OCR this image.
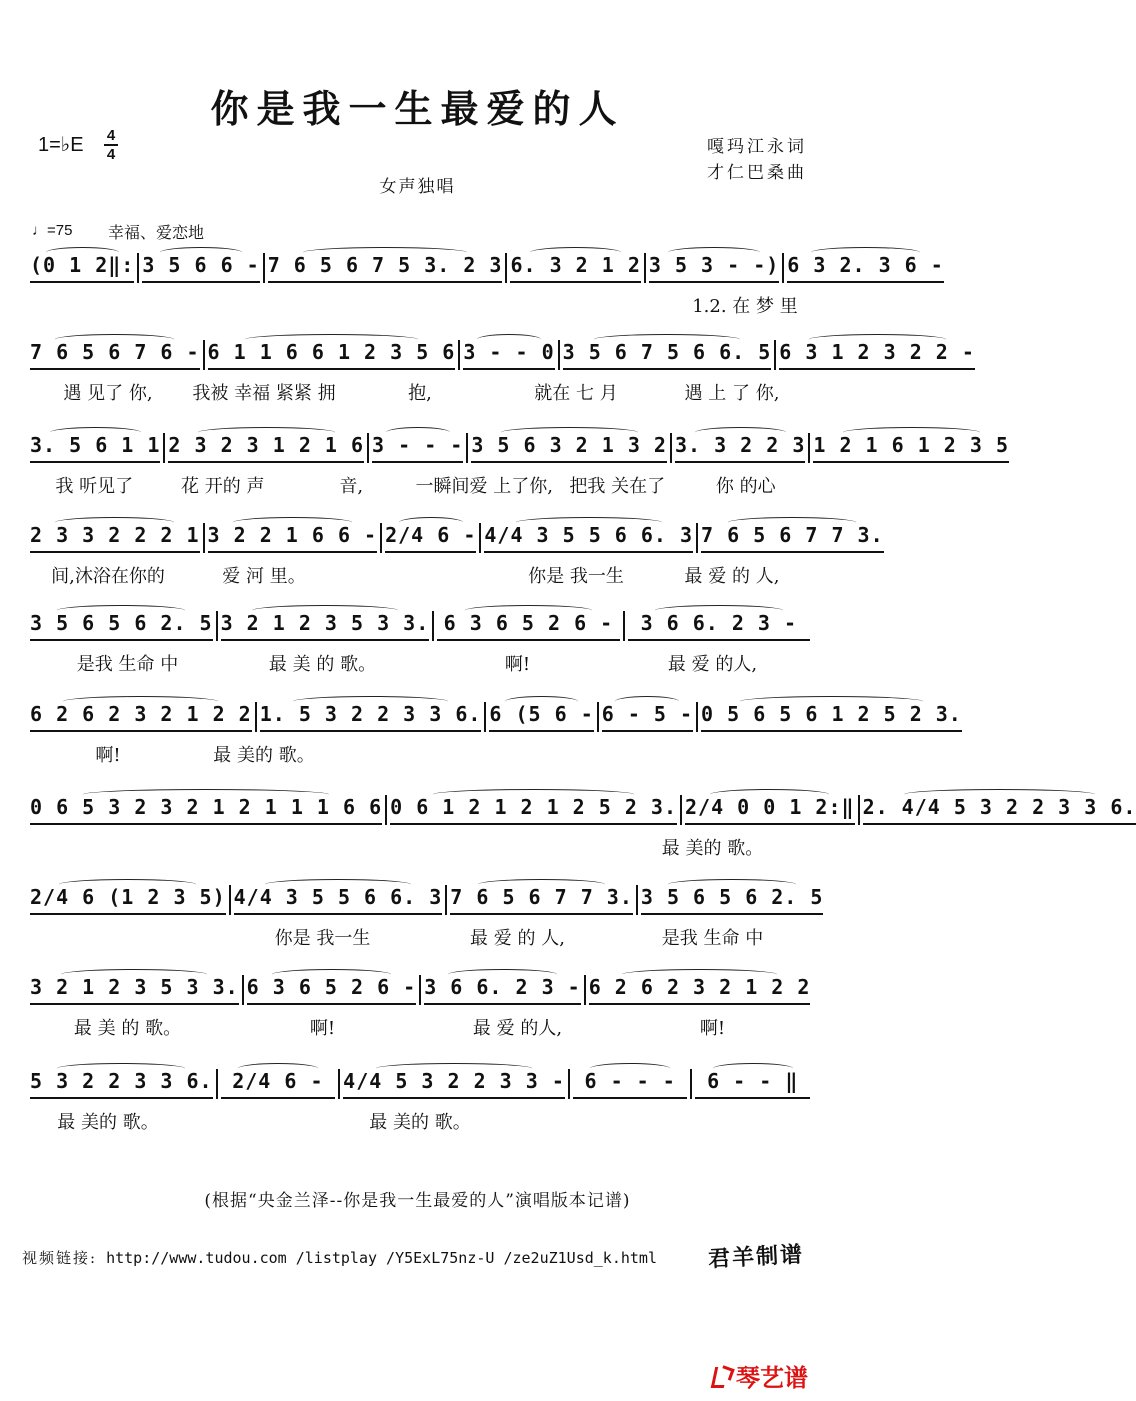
你是我一生最爱的人
1=♭E 4
4	嘎玛江永词
才仁巴桑曲
女声独唱
♩=75 幸福、爱恋地
(0 1 2‖: 3 5 6 6 - 7 6 5 6 7 5 3. 2 3 6. 3 2 1 2 3 5 3 - -) 6 3 2. 3 6 -
1.2. 在 梦 里
7 6 5 6 7 6 - 6 1 1 6 6 1 2 3 5 6 3 - - 0 3 5 6 7 5 6 6. 5 6 3 1 2 3 2 2 -
遇 见了 你,	我被 幸福 紧紧 拥	抱,	就在 七 月	遇 上 了 你,
3. 5 6 1 1 2 3 2 3 1 2 1 6 3 - - - 3 5 6 3 2 1 3 2 3. 3 2 2 3 1 2 1 6 1 2 3 5
我 听见了	花 开的 声	音,	一瞬间爱 上了你, 把我 关在了	你 的心
2 3 3 2 2 2 1 3 2 2 1 6 6 - 2/4 6 - 4/4 3 5 5 6 6. 3 7 6 5 6 7 7 3.
间,沐浴在你的	爱 河 里。	你是 我一生	最 爱 的 人,
3 5 6 5 6 2. 5 3 2 1 2 3 5 3 3. 6 3 6 5 2 6 -	3 6 6. 2 3 -
是我 生命 中	最 美 的 歌。	啊!	最 爱 的人,
6 2 6 2 3 2 1 2 2 1. 5 3 2 2 3 3 6. 6 (5 6 - 6 - 5 - 0 5 6 5 6 1 2 5 2 3.
啊!	最 美的 歌。
0 6 5 3 2 3 2 1 2 1 1 1 6 6 0 6 1 2 1 2 1 2 5 2 3. 2/4 0 0 1 2:‖ 2. 4/4 5 3 2 2 3 3 6.
最 美的 歌。
2/4 6 (1 2 3 5) 4/4 3 5 5 6 6. 3 7 6 5 6 7 7 3. 3 5 6 5 6 2. 5
你是 我一生	最 爱 的 人,	是我 生命 中
3 2 1 2 3 5 3 3. 6 3 6 5 2 6 - 3 6 6. 2 3 - 6 2 6 2 3 2 1 2 2
最 美 的 歌。	啊!	最 爱 的人,	啊!
5 3 2 2 3 3 6. 2/4 6 - 4/4 5 3 2 2 3 3 - 6 - - -	6 - - ‖
最 美的 歌。	最 美的 歌。
(根据“央金兰泽--你是我一生最爱的人”演唱版本记谱)
视频链接: http://www.tudou.com /listplay /Y5ExL75nz-U /ze2uZ1Usd_k.html 君羊制谱
琴艺谱
